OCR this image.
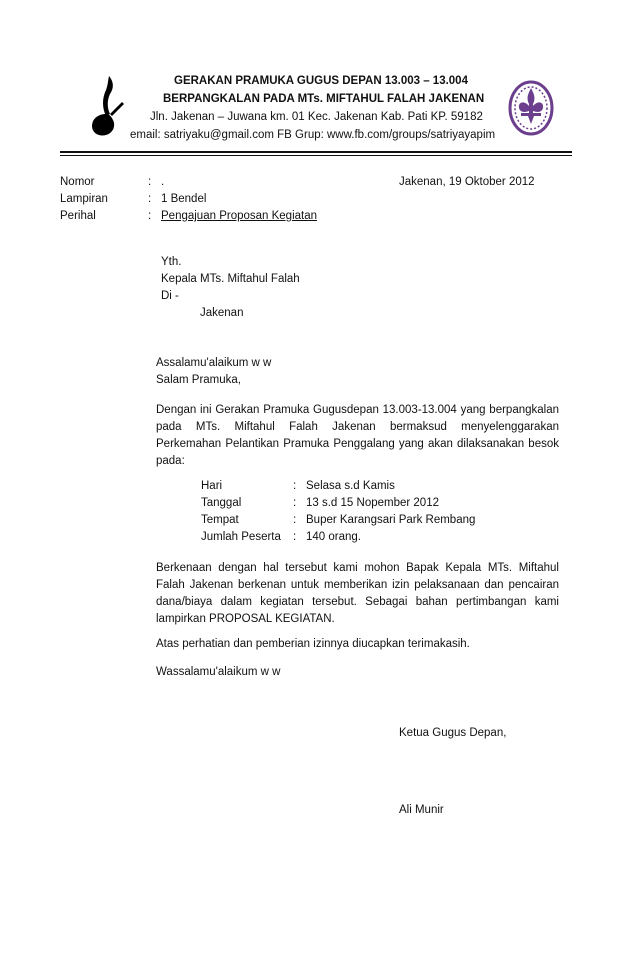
GERAKAN PRAMUKA GUGUS DEPAN 13.003 – 13.004
BERPANGKALAN PADA MTs. MIFTAHUL FALAH JAKENAN
Jln. Jakenan – Juwana km. 01 Kec. Jakenan Kab. Pati KP. 59182
email: satriyaku@gmail.com FB Grup: www.fb.com/groups/satriyayapim
Nomor	: .	Jakenan, 19 Oktober 2012
Lampiran	: 1 Bendel
Perihal	: Pengajuan Proposan Kegiatan
Yth.
Kepala MTs. Miftahul Falah
Di -
Jakenan
Assalamu'alaikum w w
Salam Pramuka,
Dengan ini Gerakan Pramuka Gugusdepan 13.003-13.004 yang berpangkalan pada MTs. Miftahul Falah Jakenan bermaksud menyelenggarakan Perkemahan Pelantikan Pramuka Penggalang yang akan dilaksanakan besok pada:
Hari	: Selasa s.d Kamis
Tanggal	: 13 s.d 15 Nopember 2012
Tempat	: Buper Karangsari Park Rembang
Jumlah Peserta : 140 orang.
Berkenaan dengan hal tersebut kami mohon Bapak Kepala MTs. Miftahul Falah Jakenan berkenan untuk memberikan izin pelaksanaan dan pencairan dana/biaya dalam kegiatan tersebut. Sebagai bahan pertimbangan kami lampirkan PROPOSAL KEGIATAN.
Atas perhatian dan pemberian izinnya diucapkan terimakasih.
Wassalamu'alaikum w w
Ketua Gugus Depan,
Ali Munir
